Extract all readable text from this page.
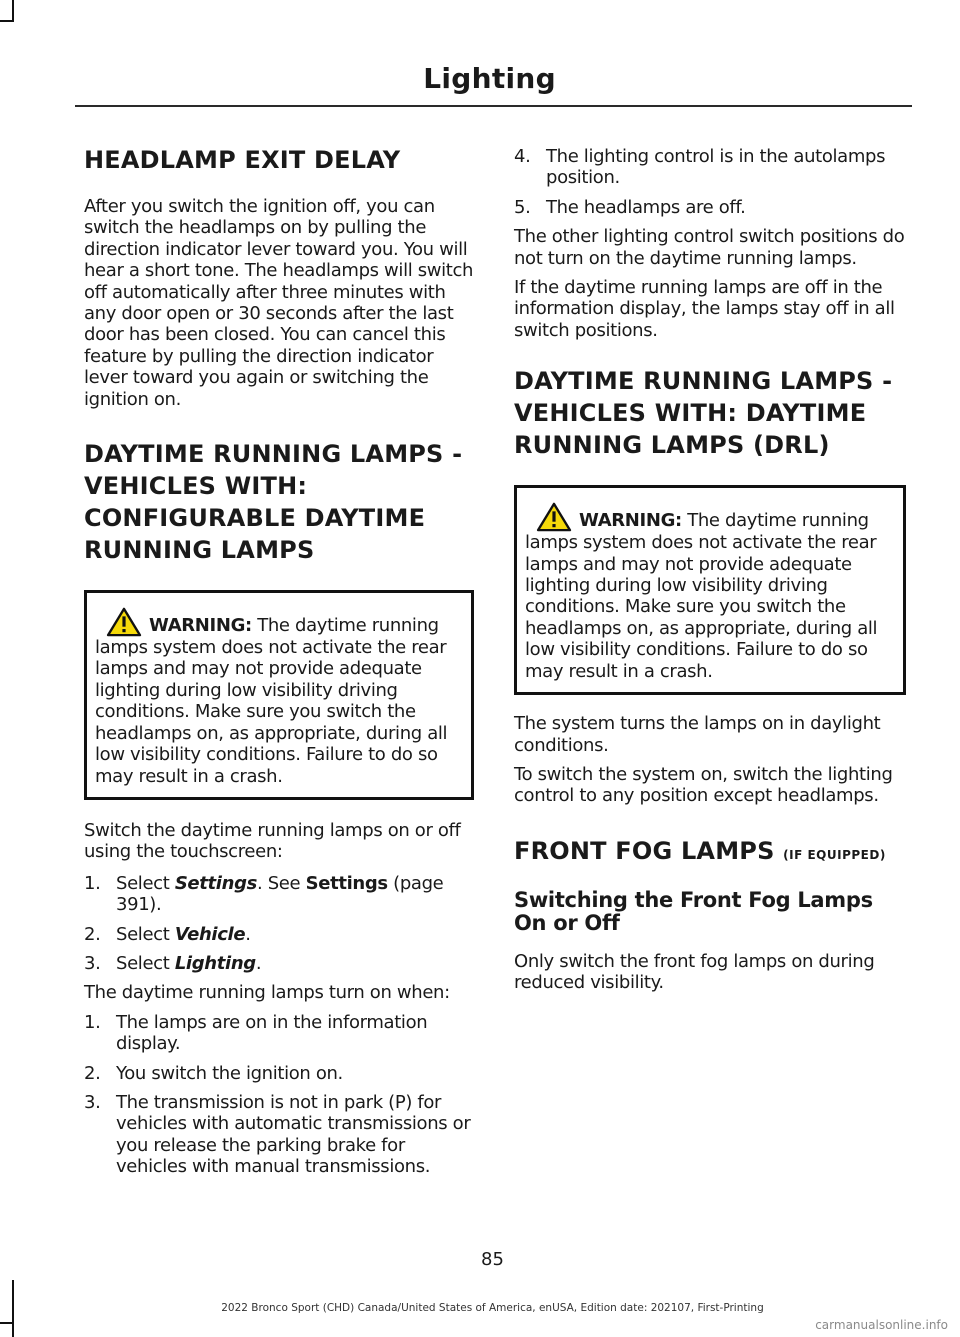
Lighting
HEADLAMP EXIT DELAY

After you switch the ignition off, you can switch the headlamps on by pulling the direction indicator lever toward you. You will hear a short tone. The headlamps will switch off automatically after three minutes with any door open or 30 seconds after the last door has been closed. You can cancel this feature by pulling the direction indicator lever toward you again or switching the ignition on.

DAYTIME RUNNING LAMPS -
VEHICLES WITH:
CONFIGURABLE DAYTIME
RUNNING LAMPS

WARNING: The daytime running lamps system does not activate the rear lamps and may not provide adequate lighting during low visibility driving conditions. Make sure you switch the headlamps on, as appropriate, during all low visibility conditions. Failure to do so may result in a crash.

Switch the daytime running lamps on or off using the touchscreen:

1. Select Settings. See Settings (page 391).
2. Select Vehicle.
3. Select Lighting.

The daytime running lamps turn on when:

1. The lamps are on in the information display.
2. You switch the ignition on.
3. The transmission is not in park (P) for vehicles with automatic transmissions or you release the parking brake for vehicles with manual transmissions.
4. The lighting control is in the autolamps position.
5. The headlamps are off.

The other lighting control switch positions do not turn on the daytime running lamps.

If the daytime running lamps are off in the information display, the lamps stay off in all switch positions.

DAYTIME RUNNING LAMPS -
VEHICLES WITH: DAYTIME
RUNNING LAMPS (DRL)

WARNING: The daytime running lamps system does not activate the rear lamps and may not provide adequate lighting during low visibility driving conditions. Make sure you switch the headlamps on, as appropriate, during all low visibility conditions. Failure to do so may result in a crash.

The system turns the lamps on in daylight conditions.

To switch the system on, switch the lighting control to any position except headlamps.

FRONT FOG LAMPS (IF EQUIPPED)
Switching the Front Fog Lamps On or Off

Only switch the front fog lamps on during reduced visibility.

85
2022 Bronco Sport (CHD) Canada/United States of America, enUSA, Edition date: 202107, First-Printing
carmanualsonline.info
